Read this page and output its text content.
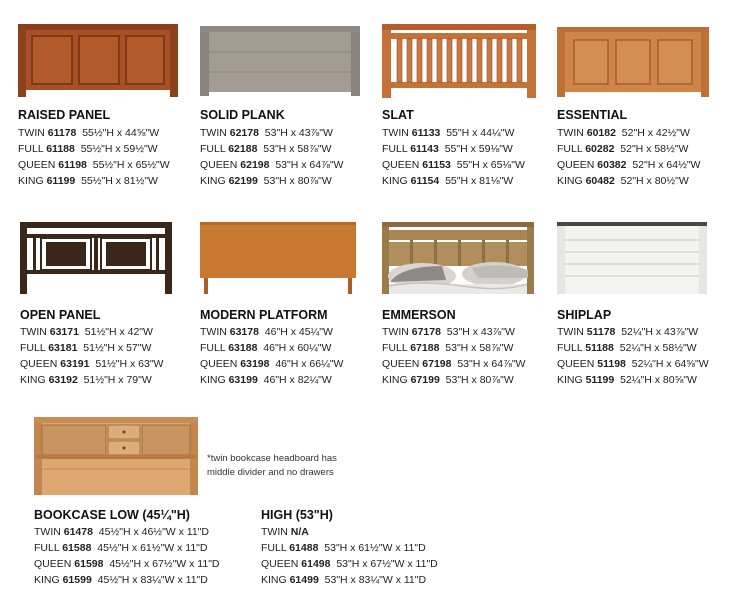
RAISED PANEL
TWIN 61178 55½"H x 44⅝"W
FULL 61188 55½"H x 59½"W
QUEEN 61198 55½"H x 65½"W
KING 61199 55½"H x 81½"W
SOLID PLANK
TWIN 62178 53"H x 43⅞"W
FULL 62188 53"H x 58⅞"W
QUEEN 62198 53"H x 64⅞"W
KING 62199 53"H x 80⅞"W
SLAT
TWIN 61133 55"H x 44¼"W
FULL 61143 55"H x 59⅛"W
QUEEN 61153 55"H x 65⅛"W
KING 61154 55"H x 81⅛"W
ESSENTIAL
TWIN 60182 52"H x 42½"W
FULL 60282 52"H x 58½"W
QUEEN 60382 52"H x 64½"W
KING 60482 52"H x 80½"W
OPEN PANEL
TWIN 63171 51½"H x 42"W
FULL 63181 51½"H x 57"W
QUEEN 63191 51½"H x 63"W
KING 63192 51½"H x 79"W
MODERN PLATFORM
TWIN 63178 46"H x 45¼"W
FULL 63188 46"H x 60¼"W
QUEEN 63198 46"H x 66¼"W
KING 63199 46"H x 82¼"W
EMMERSON
TWIN 67178 53"H x 43⅞"W
FULL 67188 53"H x 58⅞"W
QUEEN 67198 53"H x 64⅞"W
KING 67199 53"H x 80⅞"W
SHIPLAP
TWIN 51178 52¼"H x 43⅞"W
FULL 51188 52¼"H x 58½"W
QUEEN 51198 52¼"H x 64⅝"W
KING 51199 52¼"H x 80⅝"W
*twin bookcase headboard has middle divider and no drawers
BOOKCASE LOW (45¼"H)
TWIN 61478 45½"H x 46½"W x 11"D
FULL 61588 45½"H x 61½"W x 11"D
QUEEN 61598 45½"H x 67½"W x 11"D
KING 61599 45½"H x 83¼"W x 11"D
HIGH (53"H)
TWIN N/A
FULL 61488 53"H x 61½"W x 11"D
QUEEN 61498 53"H x 67½"W x 11"D
KING 61499 53"H x 83¼"W x 11"D
